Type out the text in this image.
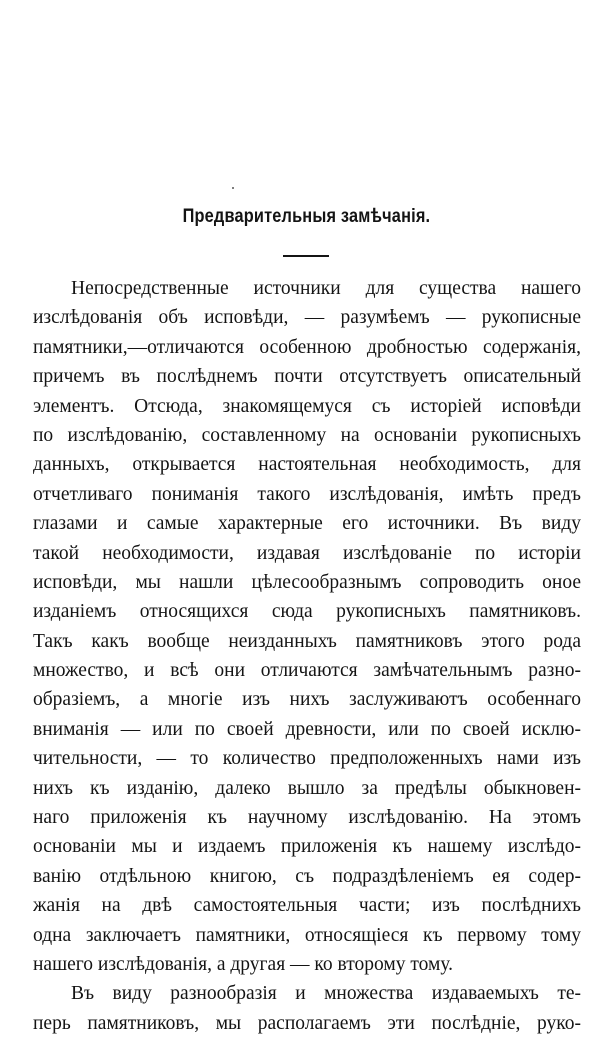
Предварительныя замѣчанія.
Непосредственные источники для существа нашего
изслѣдованія объ исповѣди, — разумѣемъ — рукописные
памятники,—отличаются особенною дробностью содержанія,
причемъ въ послѣднемъ почти отсутствуетъ описательный
элементъ. Отсюда, знакомящемуся съ исторiей исповѣди
по изслѣдованію, составленному на основаніи рукописныхъ
данныхъ, открывается настоятельная необходимость, для
отчетливаго пониманія такого изслѣдованія, имѣть предъ
глазами и самые характерные его источники. Въ виду
такой необходимости, издавая изслѣдованіе по исторіи
исповѣди, мы нашли цѣлесообразнымъ сопроводить оное
изданіемъ относящихся сюда рукописныхъ памятниковъ.
Такъ какъ вообще неизданныхъ памятниковъ этого рода
множество, и всѣ они отличаются замѣчательнымъ разно-
образіемъ, а многіе изъ нихъ заслуживаютъ особеннаго
вниманія — или по своей древности, или по своей исклю-
чительности, — то количество предположенныхъ нами изъ
нихъ къ изданію, далеко вышло за предѣлы обыкновен-
наго приложенія къ научному изслѣдованію. На этомъ
основаніи мы и издаемъ приложенія къ нашему изслѣдо-
ванію отдѣльною книгою, съ подраздѣленіемъ ея содер-
жанія на двѣ самостоятельныя части; изъ послѣднихъ
одна заключаетъ памятники, относящіеся къ первому тому
нашего изслѣдованія, а другая — ко второму тому.
Въ виду разнообразія и множества издаваемыхъ те-
перь памятниковъ, мы располагаемъ эти послѣдніе, руко-
